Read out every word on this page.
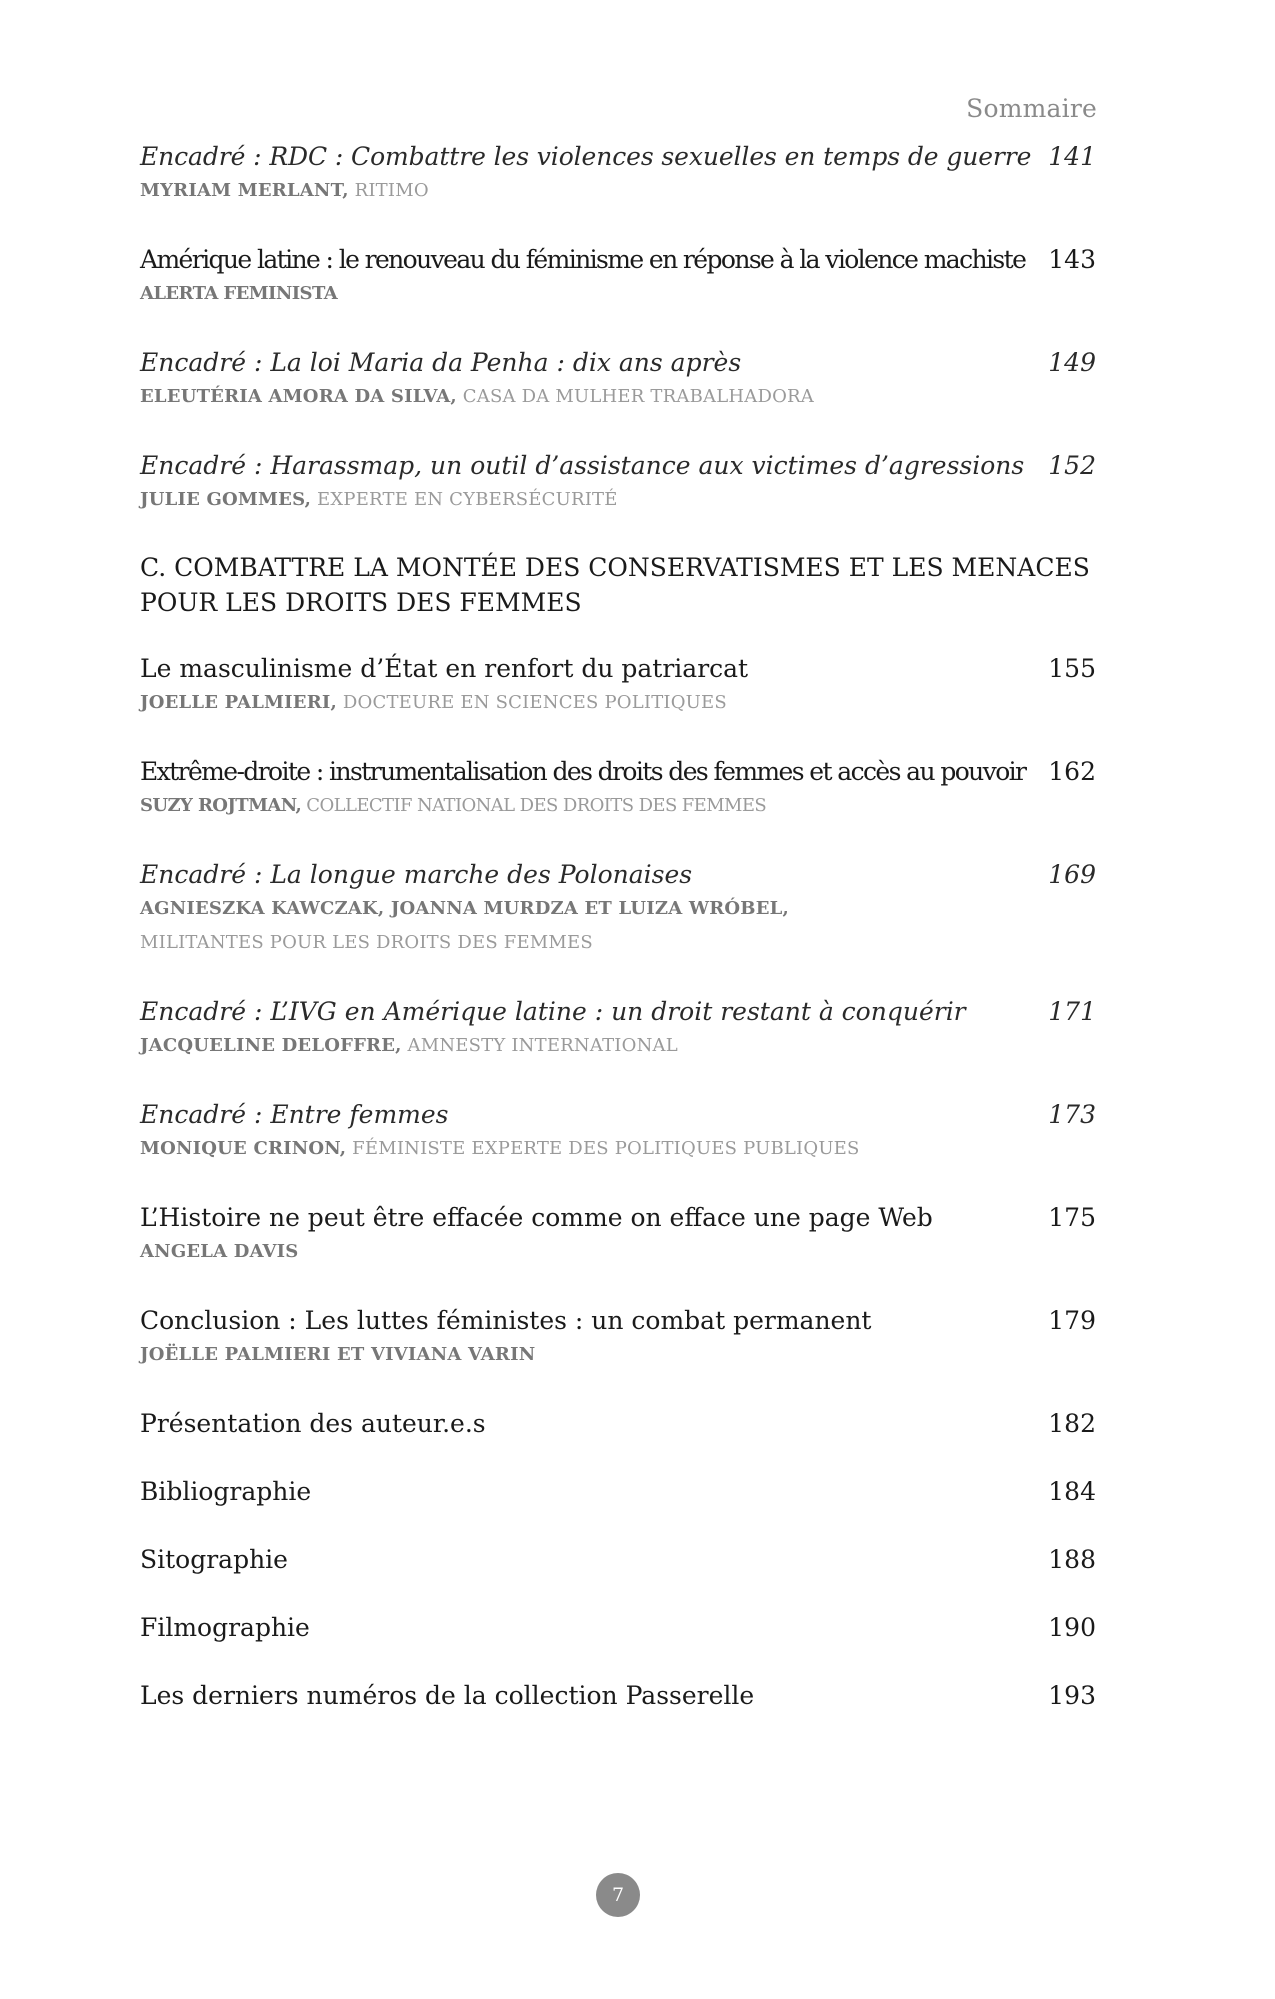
Sommaire
Encadré : RDC : Combattre les violences sexuelles en temps de guerre 141
MYRIAM MERLANT, RITIMO
Amérique latine : le renouveau du féminisme en réponse à la violence machiste 143
ALERTA FEMINISTA
Encadré : La loi Maria da Penha : dix ans après	149
ELEUTÉRIA AMORA DA SILVA, CASA DA MULHER TRABALHADORA
Encadré : Harassmap, un outil d’assistance aux victimes d’agressions 152
JULIE GOMMES, EXPERTE EN CYBERSÉCURITÉ
C. COMBATTRE LA MONTÉE DES CONSERVATISMES ET LES MENACES
POUR LES DROITS DES FEMMES
Le masculinisme d’État en renfort du patriarcat	155
JOELLE PALMIERI, DOCTEURE EN SCIENCES POLITIQUES
Extrême-droite : instrumentalisation des droits des femmes et accès au pouvoir 162
SUZY ROJTMAN, COLLECTIF NATIONAL DES DROITS DES FEMMES
Encadré : La longue marche des Polonaises	169
AGNIESZKA KAWCZAK, JOANNA MURDZA ET LUIZA WRÓBEL,
MILITANTES POUR LES DROITS DES FEMMES
Encadré : L’IVG en Amérique latine : un droit restant à conquérir	171
JACQUELINE DELOFFRE, AMNESTY INTERNATIONAL
Encadré : Entre femmes	173
MONIQUE CRINON, FÉMINISTE EXPERTE DES POLITIQUES PUBLIQUES
L’Histoire ne peut être effacée comme on efface une page Web	175
ANGELA DAVIS
Conclusion : Les luttes féministes : un combat permanent	179
JOËLLE PALMIERI ET VIVIANA VARIN
Présentation des auteur.e.s	182
Bibliographie	184
Sitographie	188
Filmographie	190
Les derniers numéros de la collection Passerelle	193
7
